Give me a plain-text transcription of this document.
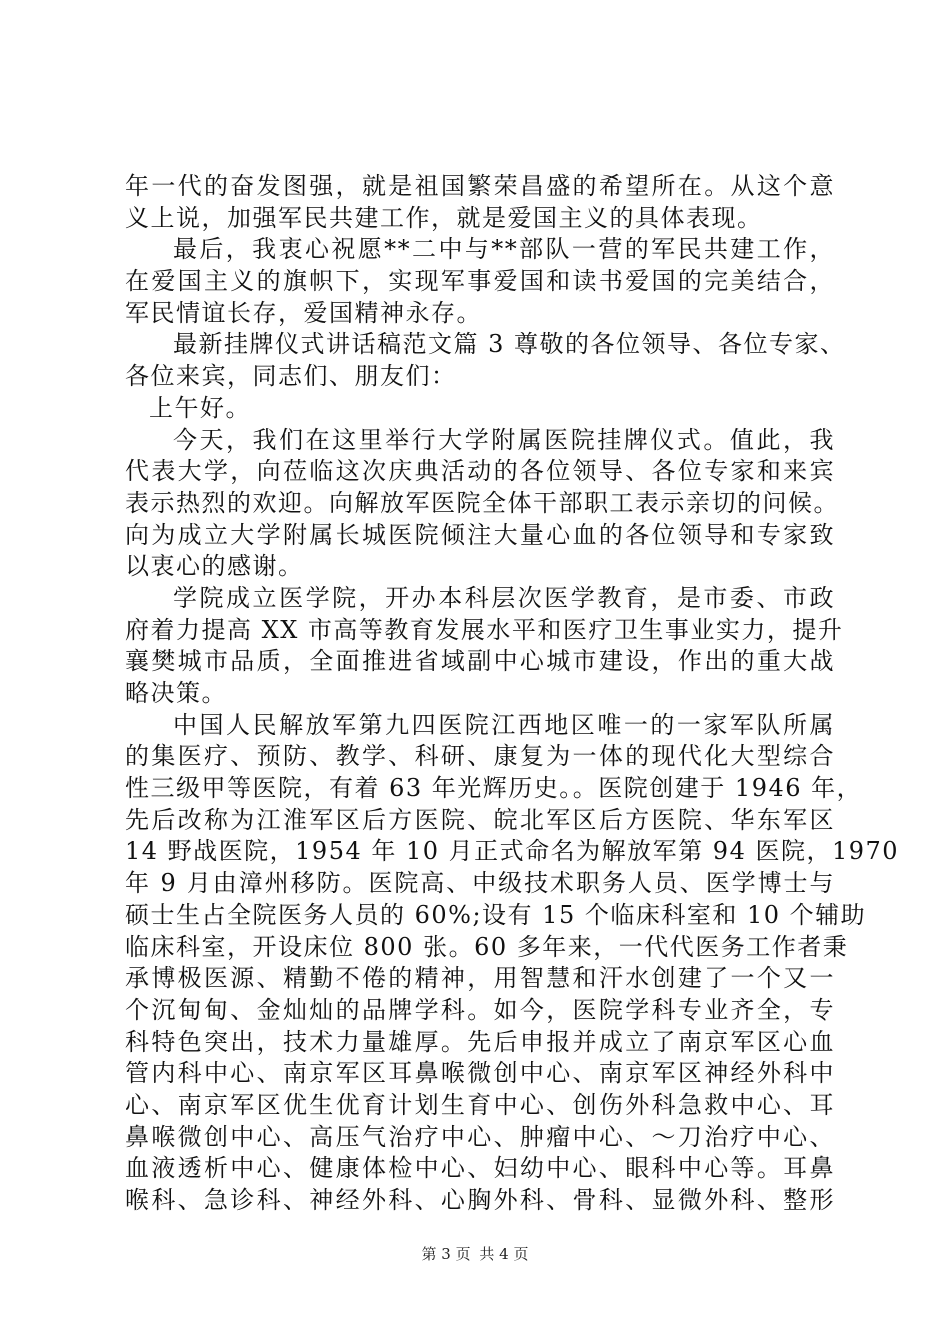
年一代的奋发图强，就是祖国繁荣昌盛的希望所在。从这个意
义上说，加强军民共建工作，就是爱国主义的具体表现。
最后，我衷心祝愿**二中与**部队一营的军民共建工作，
在爱国主义的旗帜下，实现军事爱国和读书爱国的完美结合，
军民情谊长存，爱国精神永存。
最新挂牌仪式讲话稿范文篇 3 尊敬的各位领导、各位专家、
各位来宾，同志们、朋友们：
上午好。
今天，我们在这里举行大学附属医院挂牌仪式。值此，我
代表大学，向莅临这次庆典活动的各位领导、各位专家和来宾
表示热烈的欢迎。向解放军医院全体干部职工表示亲切的问候。
向为成立大学附属长城医院倾注大量心血的各位领导和专家致
以衷心的感谢。
学院成立医学院，开办本科层次医学教育，是市委、市政
府着力提高 XX 市高等教育发展水平和医疗卫生事业实力，提升
襄樊城市品质，全面推进省域副中心城市建设，作出的重大战
略决策。
中国人民解放军第九四医院江西地区唯一的一家军队所属
的集医疗、预防、教学、科研、康复为一体的现代化大型综合
性三级甲等医院，有着 63 年光辉历史。。医院创建于 1946 年，
先后改称为江淮军区后方医院、皖北军区后方医院、华东军区
14 野战医院，1954 年 10 月正式命名为解放军第 94 医院，1970
年 9 月由漳州移防。医院高、中级技术职务人员、医学博士与
硕士生占全院医务人员的 60%;设有 15 个临床科室和 10 个辅助
临床科室，开设床位 800 张。60 多年来，一代代医务工作者秉
承博极医源、精勤不倦的精神，用智慧和汗水创建了一个又一
个沉甸甸、金灿灿的品牌学科。如今，医院学科专业齐全，专
科特色突出，技术力量雄厚。先后申报并成立了南京军区心血
管内科中心、南京军区耳鼻喉微创中心、南京军区神经外科中
心、南京军区优生优育计划生育中心、创伤外科急救中心、耳
鼻喉微创中心、高压气治疗中心、肿瘤中心、～刀治疗中心、
血液透析中心、健康体检中心、妇幼中心、眼科中心等。耳鼻
喉科、急诊科、神经外科、心胸外科、骨科、显微外科、整形
第 3 页 共 4 页
